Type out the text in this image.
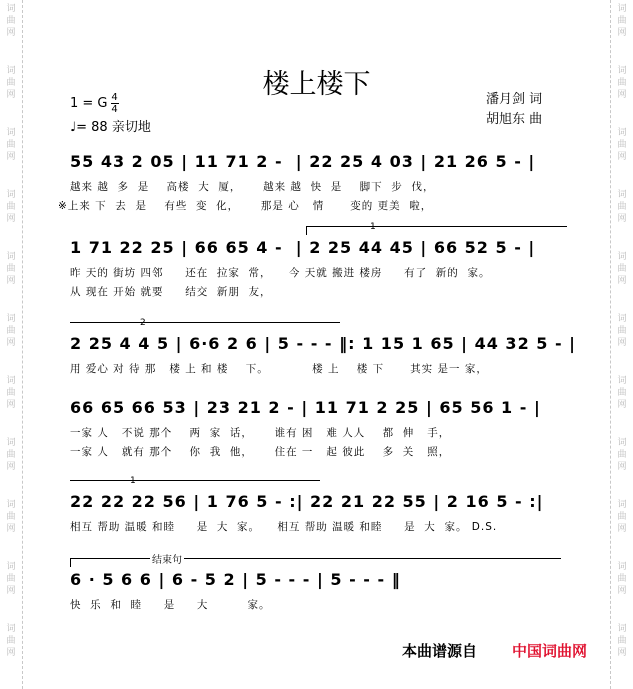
词
曲
网
词
曲
网
词
曲
网
词
曲
网
词
曲
网
词
曲
网
词
曲
网
词
曲
网
词
曲
网
词
曲
网
词
曲
网
词
曲
网
词
曲
网
词
曲
网
词
曲
网
词
曲
网
词
曲
网
词
曲
网
词
曲
网
词
曲
网
词
曲
网
词
曲
网
楼上楼下
1 = G 4
4
♩= 88 亲切地
潘月剑 词
胡旭东 曲
55 43 2 05 | 11 71 2 -  | 22 25 4 03 | 21 26 5 - |
越来 越  多  是    高楼  大  厦，     越来 越  快  是    脚下  步  伐，
※上来 下  去  是    有些  变  化，     那是 心   情      变的 更美  啦，
1
1 71 22 25 | 66 65 4 -  | 2 25 44 45 | 66 52 5 - |
昨 天的 街坊 四邻     还在  拉家  常，    今 天就 搬进 楼房     有了  新的  家。
从 现在 开始 就要     结交  新朋  友，
2
2 25 4 4 5 | 6·6 2 6 | 5 - - - ‖: 1 15 1 65 | 44 32 5 - |
用 爱心 对 待 那   楼 上 和 楼    下。          楼 上    楼 下      其实 是一 家，
66 65 66 53 | 23 21 2 - | 11 71 2 25 | 65 56 1 - |
一家 人   不说 那个    两  家  话，     谁有 困   难 人人    都  伸   手，
一家 人   就有 那个    你  我  他，     住在 一   起 彼此    多  关   照，
1
22 22 22 56 | 1 76 5 - :| 22 21 22 55 | 2 16 5 - :|
相互 帮助 温暖 和睦     是  大  家。    相互 帮助 温暖 和睦     是  大  家。 D.S.
结束句
6 · 5 6 6 | 6 - 5 2 | 5 - - - | 5 - - - ‖
快  乐  和  睦     是     大         家。
本曲谱源自 中国词曲网
